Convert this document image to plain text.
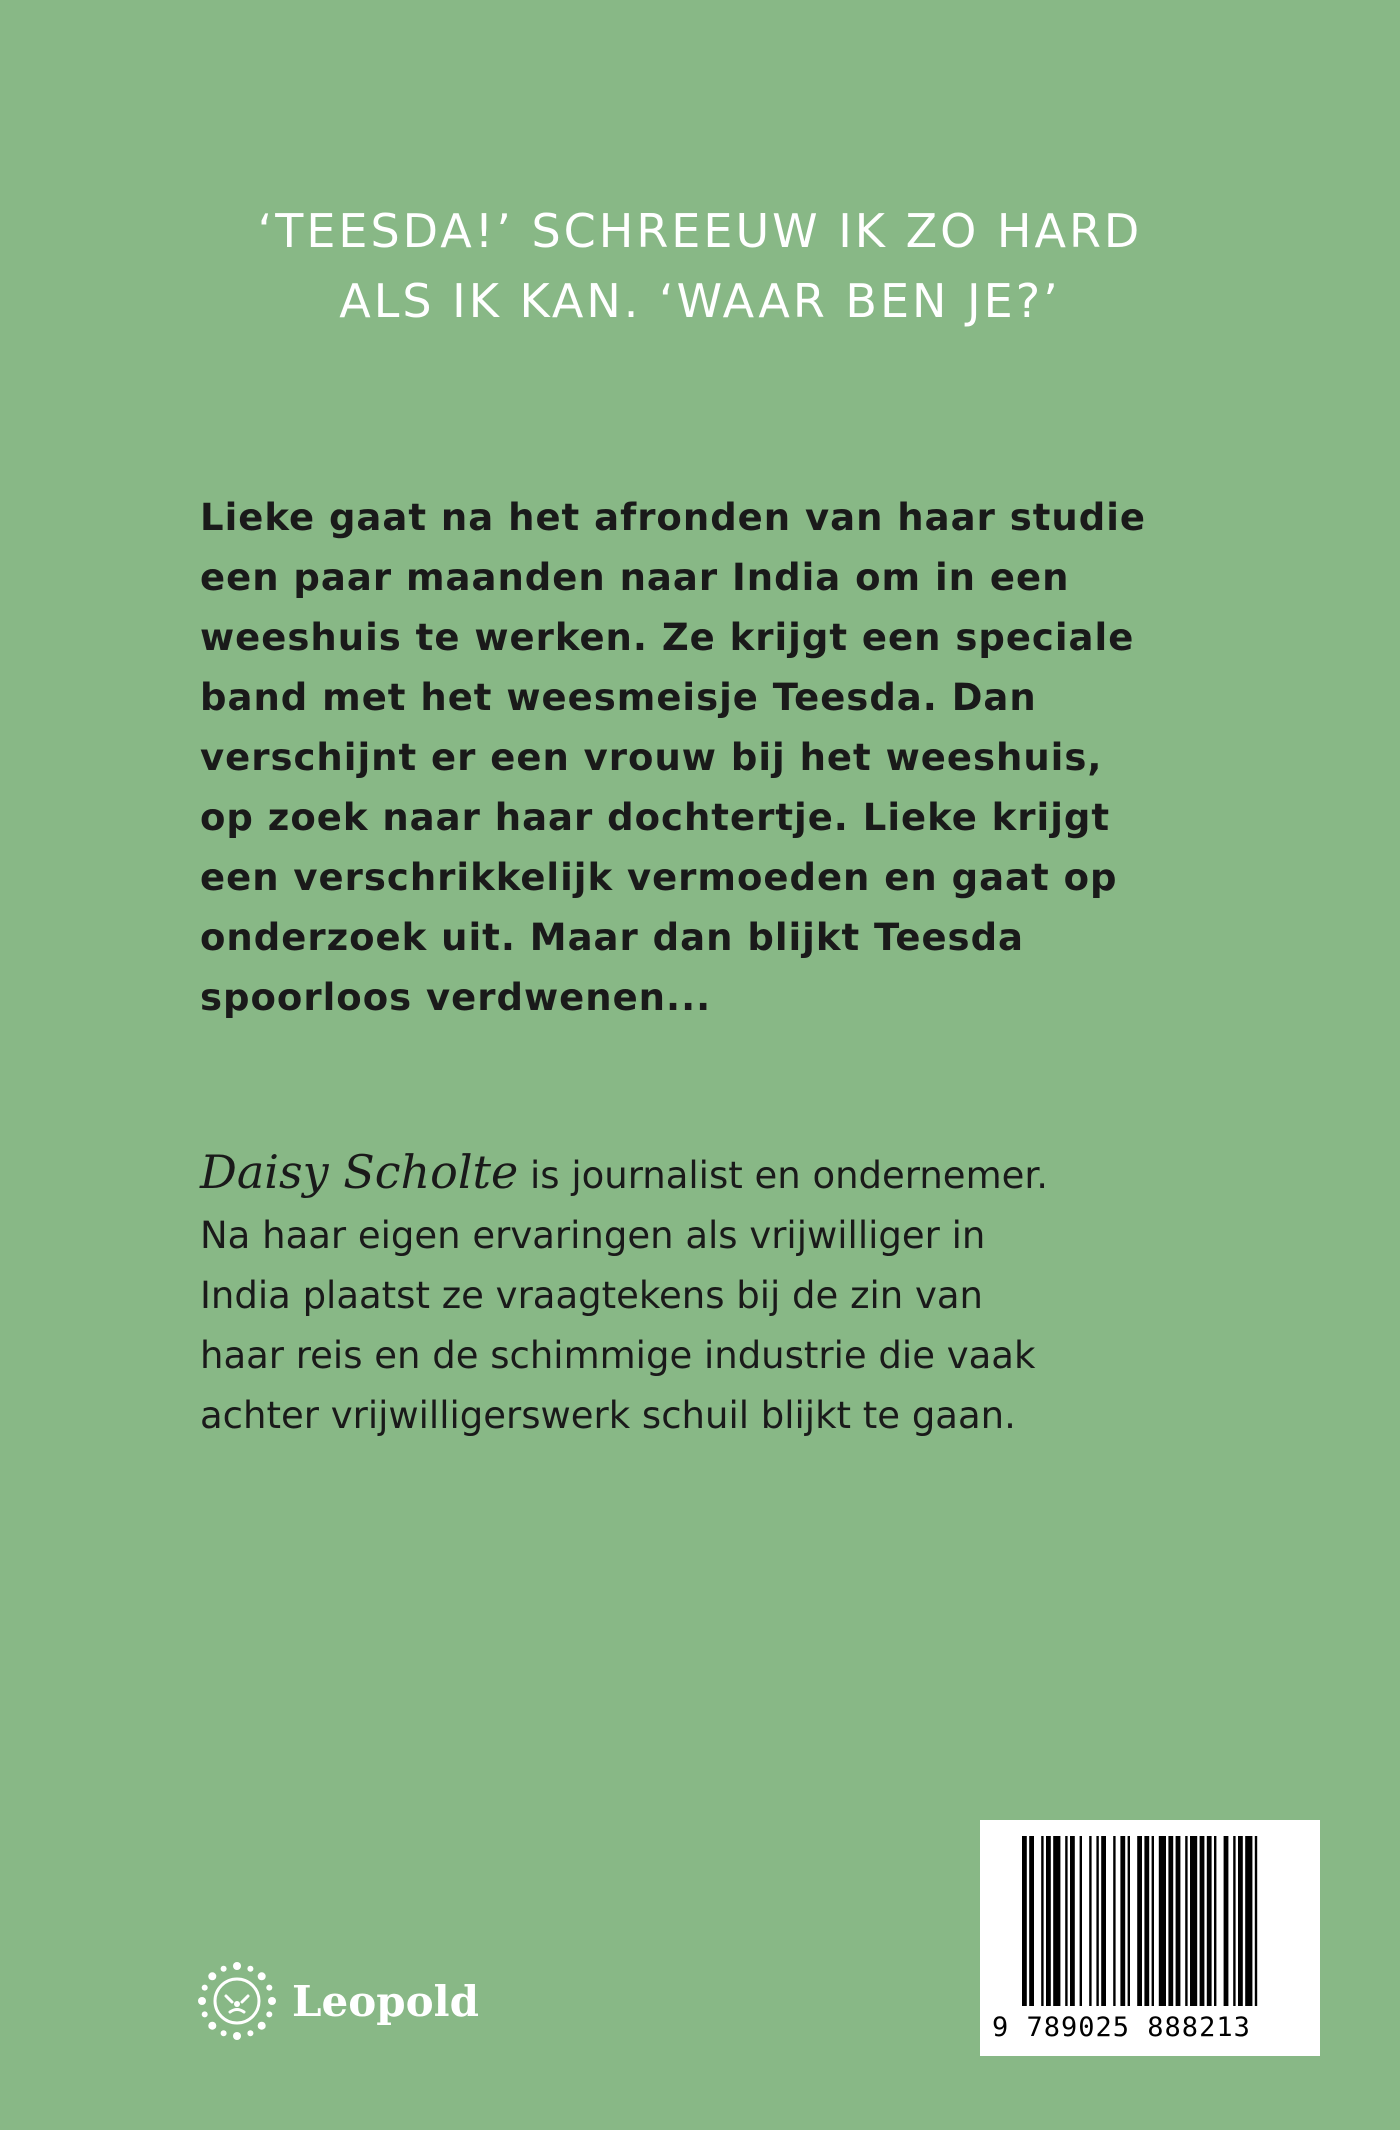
‘TEESDA!’ SCHREEUW IK ZO HARD
ALS IK KAN. ‘WAAR BEN JE?’
Lieke gaat na het afronden van haar studie
een paar maanden naar India om in een
weeshuis te werken. Ze krijgt een speciale
band met het weesmeisje Teesda. Dan
verschijnt er een vrouw bij het weeshuis,
op zoek naar haar dochtertje. Lieke krijgt
een verschrikkelijk vermoeden en gaat op
onderzoek uit. Maar dan blijkt Teesda
spoorloos verdwenen...
Daisy Scholte is journalist en ondernemer.
Na haar eigen ervaringen als vrijwilliger in
India plaatst ze vraagtekens bij de zin van
haar reis en de schimmige industrie die vaak
achter vrijwilligerswerk schuil blijkt te gaan.
Leopold
9 789025 888213
